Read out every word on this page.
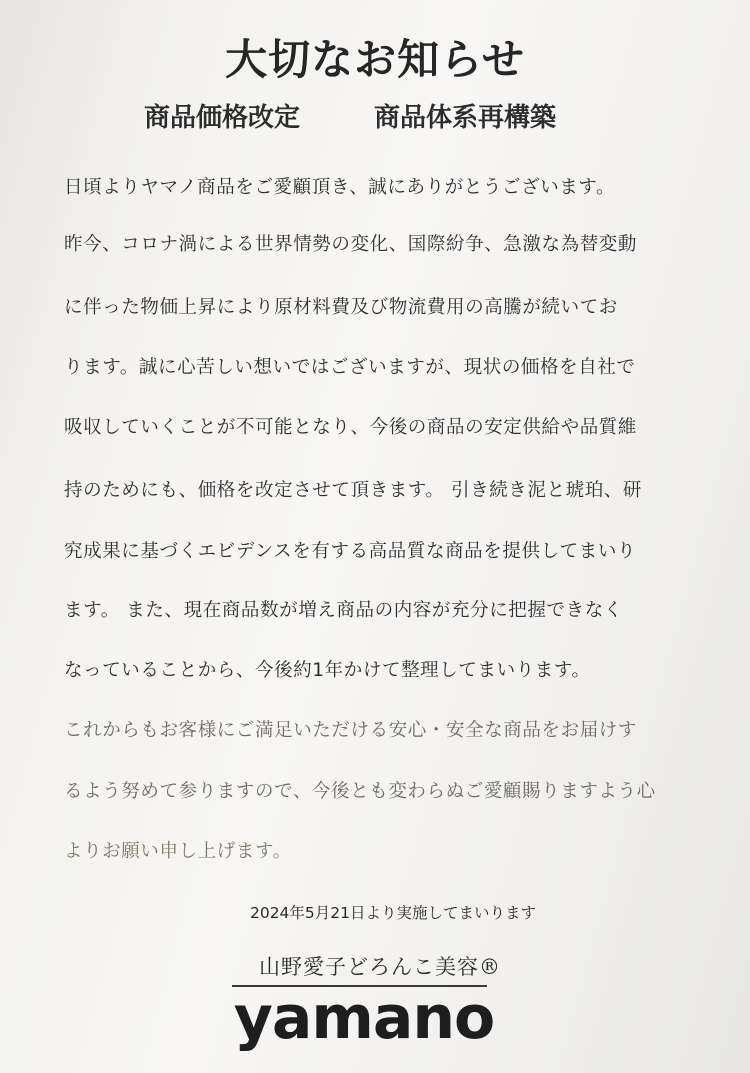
大切なお知らせ
商品価格改定	商品体系再構築
日頃よりヤマノ商品をご愛顧頂き、誠にありがとうございます。
昨今、コロナ渦による世界情勢の変化、国際紛争、急激な為替変動
に伴った物価上昇により原材料費及び物流費用の高騰が続いてお
ります。誠に心苦しい想いではございますが、現状の価格を自社で
吸収していくことが不可能となり、今後の商品の安定供給や品質維
持のためにも、価格を改定させて頂きます。 引き続き泥と琥珀、研
究成果に基づくエビデンスを有する高品質な商品を提供してまいり
ます。 また、現在商品数が増え商品の内容が充分に把握できなく
なっていることから、今後約1年かけて整理してまいります。
これからもお客様にご満足いただける安心・安全な商品をお届けす
るよう努めて参りますので、今後とも変わらぬご愛顧賜りますよう心
よりお願い申し上げます。
2024年5月21日より実施してまいります
山野愛子どろんこ美容®
yamano
